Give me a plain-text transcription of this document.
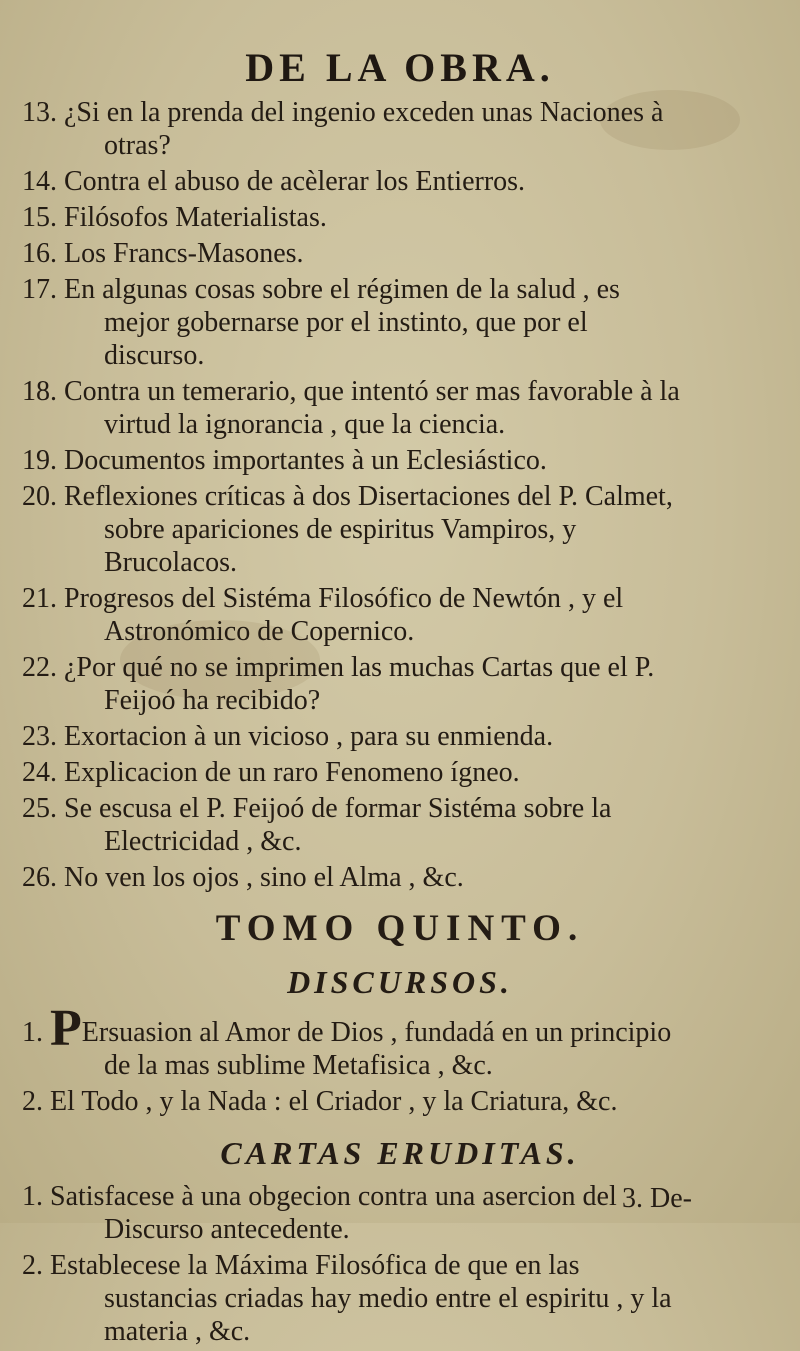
DE LA OBRA.
13. ¿Si en la prenda del ingenio exceden unas Naciones à otras?
14. Contra el abuso de acèlerar los Entierros.
15. Filósofos Materialistas.
16. Los Francs-Masones.
17. En algunas cosas sobre el régimen de la salud , es mejor gobernarse por el instinto, que por el discurso.
18. Contra un temerario, que intentó ser mas favorable à la virtud la ignorancia , que la ciencia.
19. Documentos importantes à un Eclesiástico.
20. Reflexiones críticas à dos Disertaciones del P. Calmet, sobre apariciones de espiritus Vampiros, y Brucolacos.
21. Progresos del Sistéma Filosófico de Newtón , y el Astronómico de Copernico.
22. ¿Por qué no se imprimen las muchas Cartas que el P. Feijoó ha recibido?
23. Exortacion à un vicioso , para su enmienda.
24. Explicacion de un raro Fenomeno ígneo.
25. Se escusa el P. Feijoó de formar Sistéma sobre la Electricidad , &c.
26. No ven los ojos , sino el Alma , &c.
TOMO QUINTO.
DISCURSOS.
1. PErsuasion al Amor de Dios , fundadá en un principio de la mas sublime Metafisica , &c.
2. El Todo , y la Nada : el Criador , y la Criatura, &c.
CARTAS ERUDITAS.
1. Satisfacese à una obgecion contra una asercion del Discurso antecedente.
2. Establecese la Máxima Filosófica de que en las sustancias criadas hay medio entre el espiritu , y la materia , &c.
3. De-
